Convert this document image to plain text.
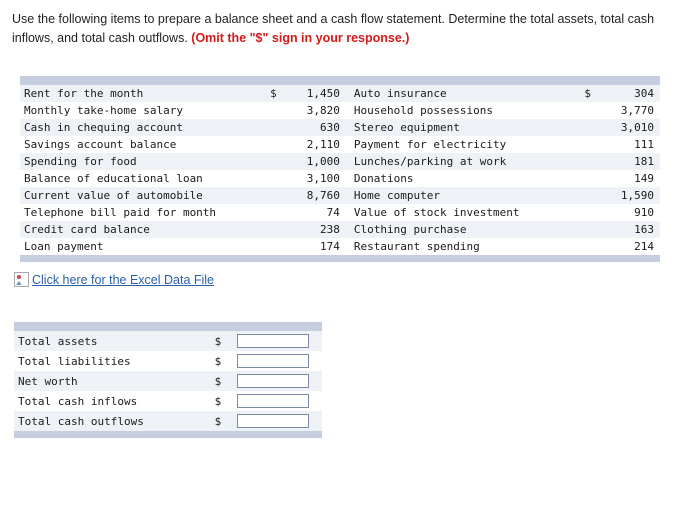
Use the following items to prepare a balance sheet and a cash flow statement. Determine the total assets, total cash inflows, and total cash outflows. (Omit the "$" sign in your response.)

Rent for the month	$	1,450	Auto insurance	$	304
Monthly take-home salary		3,820	Household possessions		3,770
Cash in chequing account		630	Stereo equipment		3,010
Savings account balance		2,110	Payment for electricity		111
Spending for food		1,000	Lunches/parking at work		181
Balance of educational loan		3,100	Donations		149
Current value of automobile		8,760	Home computer		1,590
Telephone bill paid for month		74	Value of stock investment		910
Credit card balance		238	Clothing purchase		163
Loan payment		174	Restaurant spending		214

Click here for the Excel Data File

Total assets	$	
Total liabilities	$	
Net worth	$	
Total cash inflows	$	
Total cash outflows	$	
